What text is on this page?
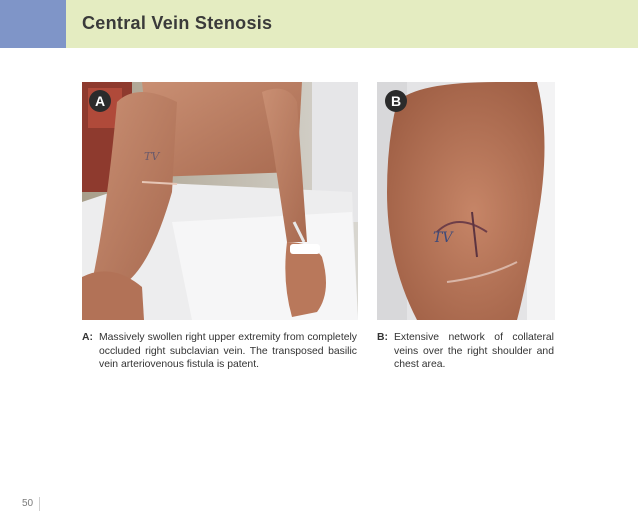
Central Vein Stenosis
TV
A
TV
B
A: Massively swollen right upper extremity from completely occluded right subclavian vein. The transposed basilic vein arteriovenous fistula is patent.
B: Extensive network of collateral veins over the right shoulder and chest area.
50
